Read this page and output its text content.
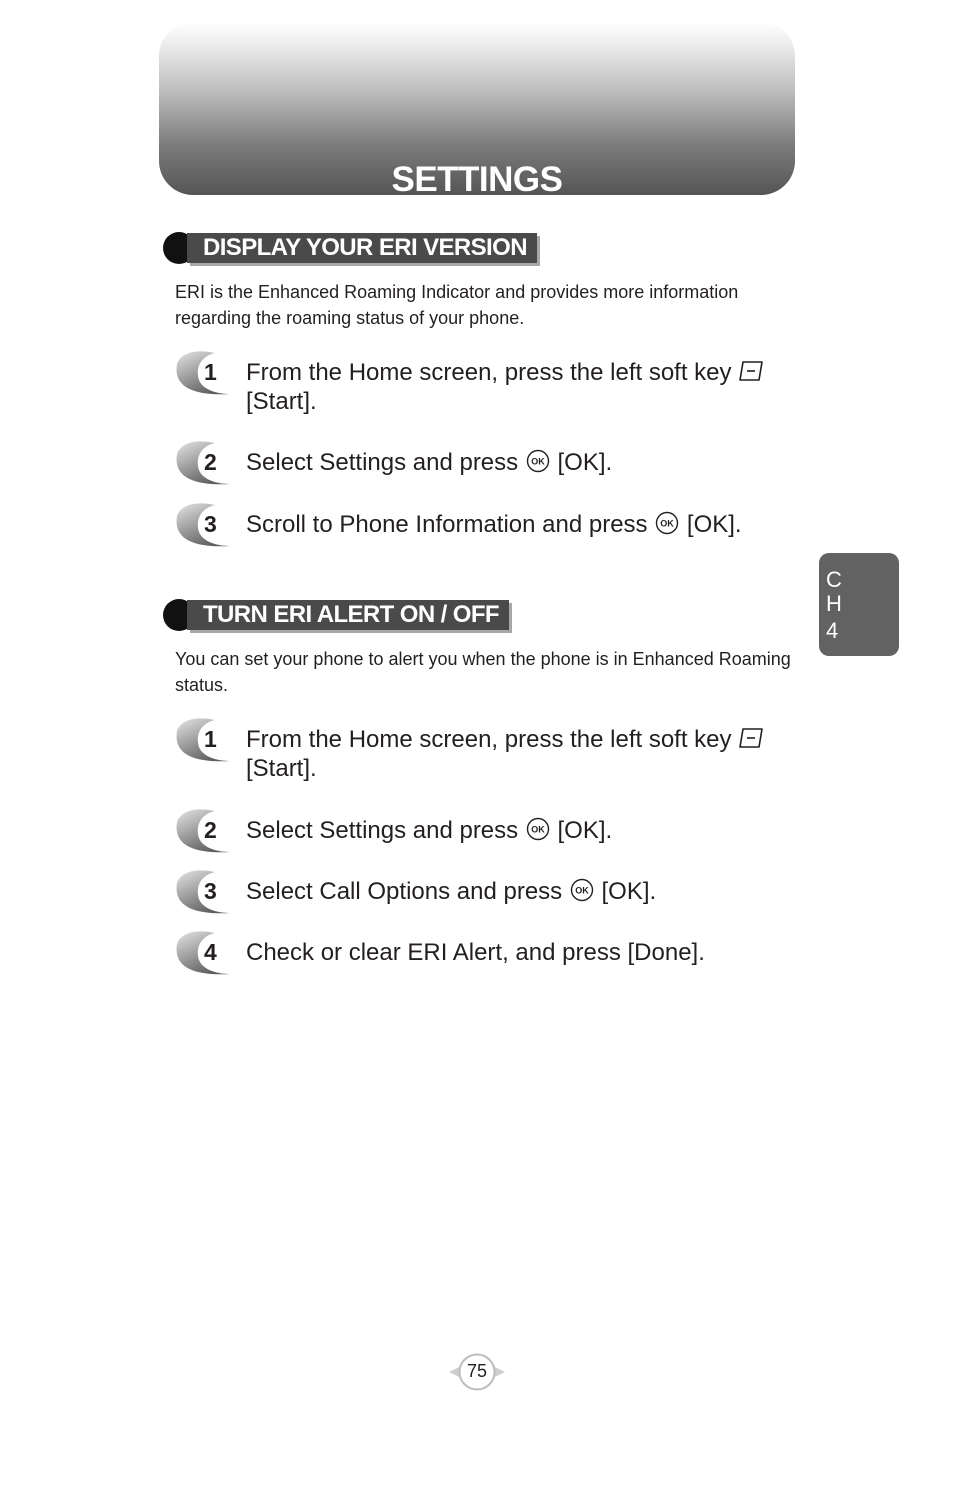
SETTINGS
DISPLAY YOUR ERI VERSION
ERI is the Enhanced Roaming Indicator and provides more information regarding the roaming status of your phone.
1 From the Home screen, press the left soft key
[Start].
2 Select Settings and press OK [OK].
3 Scroll to Phone Information and press OK [OK].
TURN ERI ALERT ON / OFF
You can set your phone to alert you when the phone is in Enhanced Roaming status.
1 From the Home screen, press the left soft key
[Start].
2 Select Settings and press OK [OK].
3 Select Call Options and press OK [OK].
4 Check or clear ERI Alert, and press [Done].
C
H
4
75
